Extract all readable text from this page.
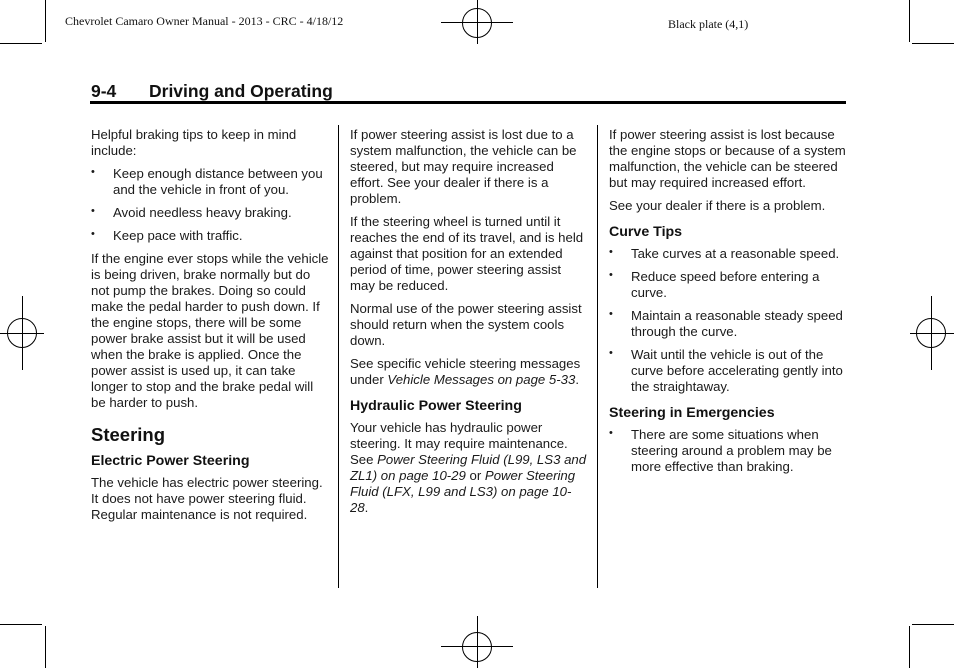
Chevrolet Camaro Owner Manual - 2013 - CRC - 4/18/12	Black plate (4,1)
9-4 Driving and Operating

Helpful braking tips to keep in mind include:

• Keep enough distance between you and the vehicle in front of you.
• Avoid needless heavy braking.
• Keep pace with traffic.

If the engine ever stops while the vehicle is being driven, brake normally but do not pump the brakes. Doing so could make the pedal harder to push down. If the engine stops, there will be some power brake assist but it will be used when the brake is applied. Once the power assist is used up, it can take longer to stop and the brake pedal will be harder to push.

Steering
Electric Power Steering

The vehicle has electric power steering. It does not have power steering fluid. Regular maintenance is not required.

If power steering assist is lost due to a system malfunction, the vehicle can be steered, but may require increased effort. See your dealer if there is a problem.

If the steering wheel is turned until it reaches the end of its travel, and is held against that position for an extended period of time, power steering assist may be reduced.

Normal use of the power steering assist should return when the system cools down.

See specific vehicle steering messages under Vehicle Messages on page 5-33.

Hydraulic Power Steering

Your vehicle has hydraulic power steering. It may require maintenance. See Power Steering Fluid (L99, LS3 and ZL1) on page 10-29 or Power Steering Fluid (LFX, L99 and LS3) on page 10-28.

If power steering assist is lost because the engine stops or because of a system malfunction, the vehicle can be steered but may required increased effort.

See your dealer if there is a problem.

Curve Tips
• Take curves at a reasonable speed.
• Reduce speed before entering a curve.
• Maintain a reasonable steady speed through the curve.
• Wait until the vehicle is out of the curve before accelerating gently into the straightaway.
Steering in Emergencies
• There are some situations when steering around a problem may be more effective than braking.
